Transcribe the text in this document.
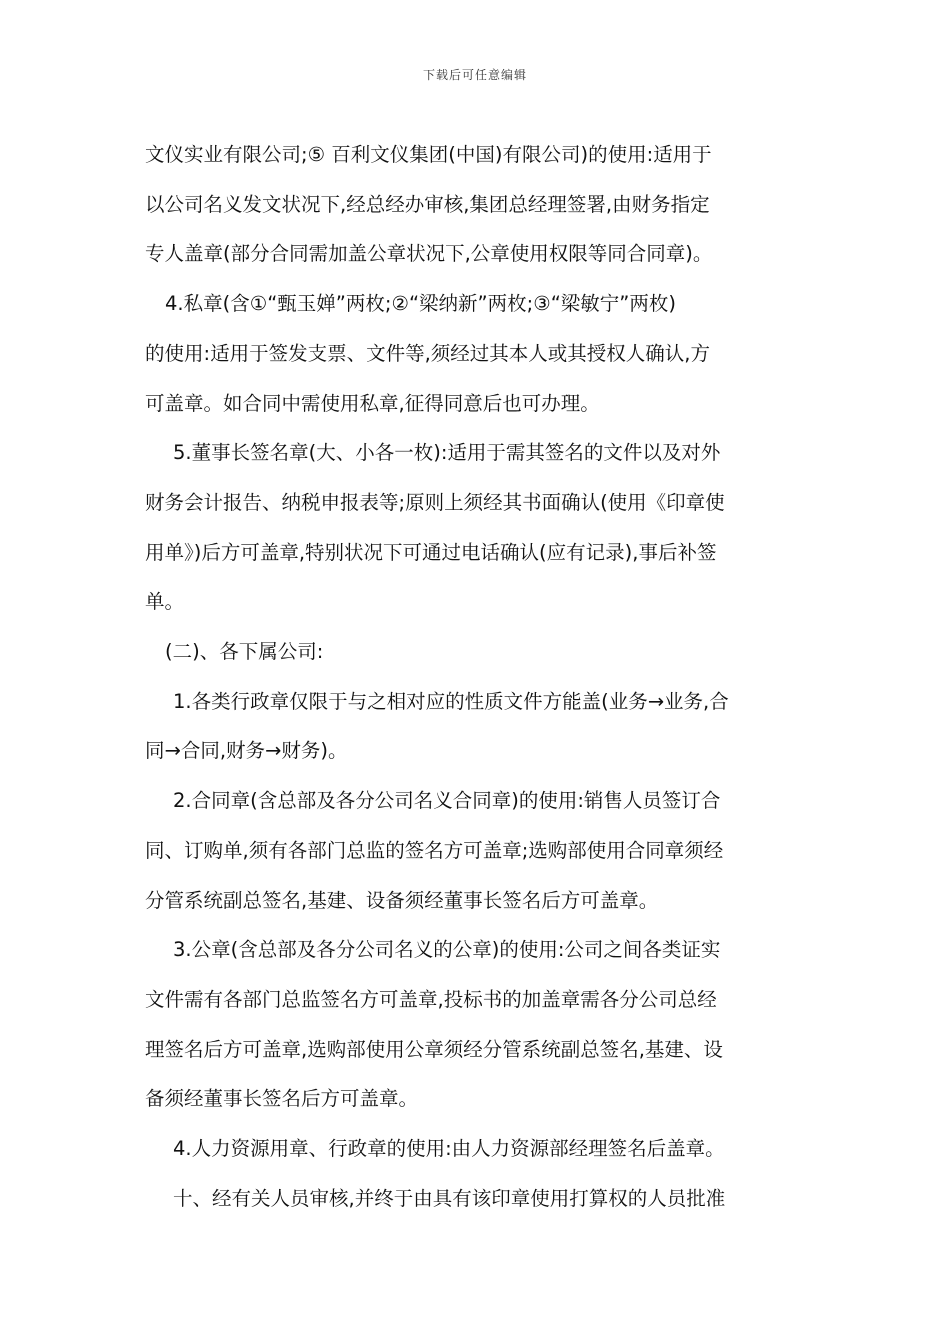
下载后可任意编辑

文仪实业有限公司;⑤ 百利文仪集团(中国)有限公司)的使用:适用于
以公司名义发文状况下,经总经办审核,集团总经理签署,由财务指定
专人盖章(部分合同需加盖公章状况下,公章使用权限等同合同章)。

4.私章(含①“甄玉婵”两枚;②“梁纳新”两枚;③“梁敏宁”两枚)
的使用:适用于签发支票、文件等,须经过其本人或其授权人确认,方
可盖章。如合同中需使用私章,征得同意后也可办理。

5.董事长签名章(大、小各一枚):适用于需其签名的文件以及对外
财务会计报告、纳税申报表等;原则上须经其书面确认(使用《印章使
用单》)后方可盖章,特别状况下可通过电话确认(应有记录),事后补签
单。

(二)、各下属公司:

1.各类行政章仅限于与之相对应的性质文件方能盖(业务→业务,合
同→合同,财务→财务)。

2.合同章(含总部及各分公司名义合同章)的使用:销售人员签订合
同、订购单,须有各部门总监的签名方可盖章;选购部使用合同章须经
分管系统副总签名,基建、设备须经董事长签名后方可盖章。

3.公章(含总部及各分公司名义的公章)的使用:公司之间各类证实
文件需有各部门总监签名方可盖章,投标书的加盖章需各分公司总经
理签名后方可盖章,选购部使用公章须经分管系统副总签名,基建、设
备须经董事长签名后方可盖章。

4.人力资源用章、行政章的使用:由人力资源部经理签名后盖章。

十、经有关人员审核,并终于由具有该印章使用打算权的人员批准
